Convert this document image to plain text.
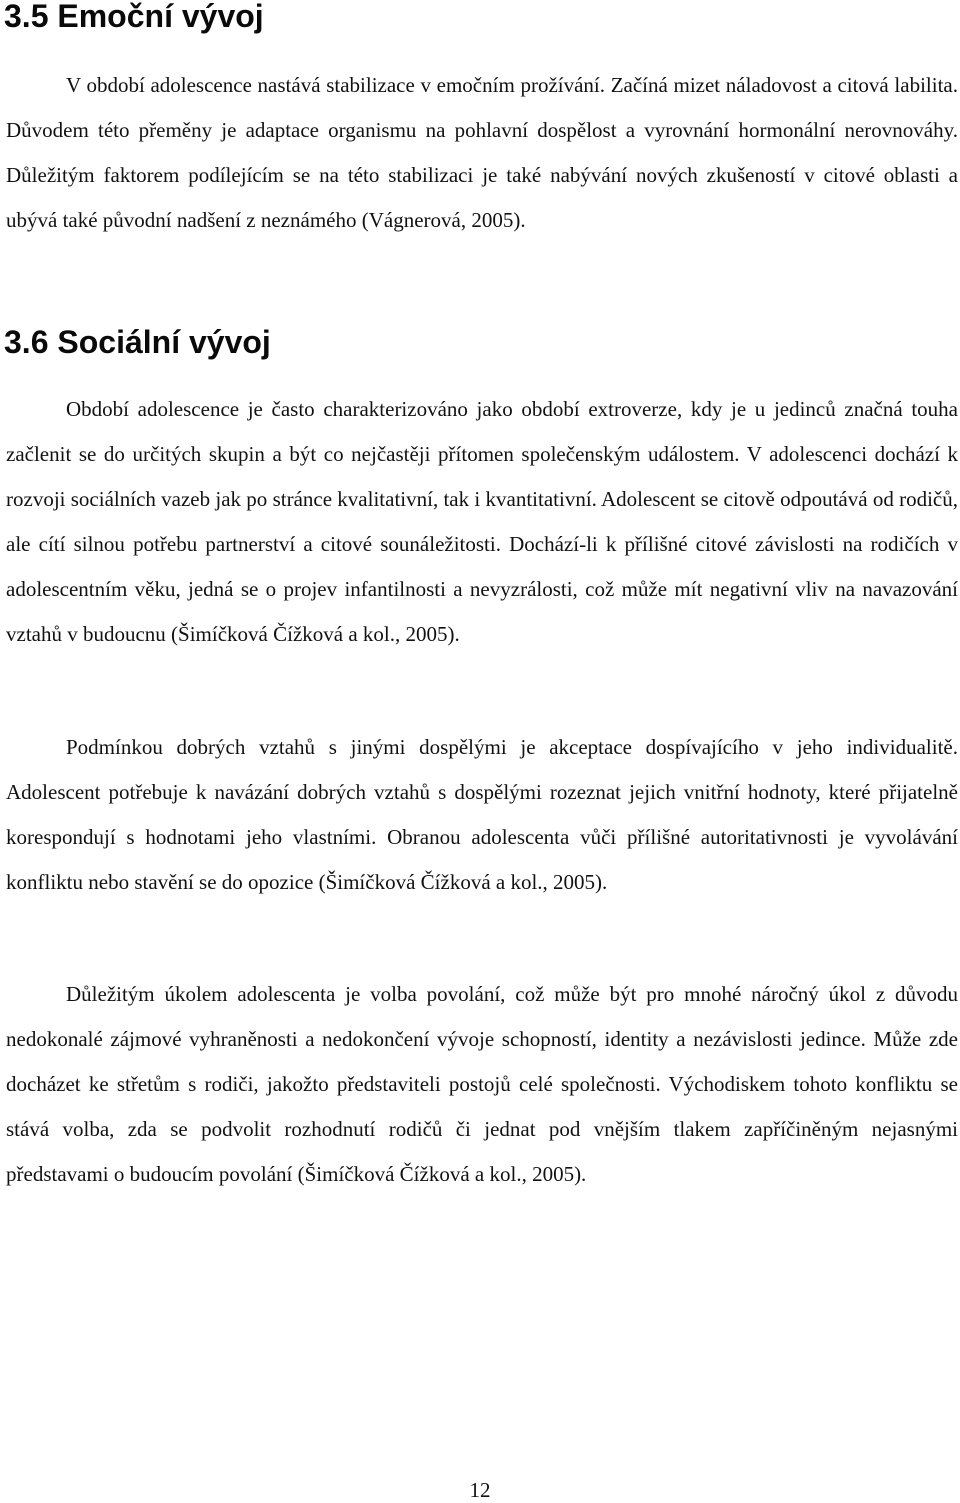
3.5 Emoční vývoj

V období adolescence nastává stabilizace v emočním prožívání. Začíná mizet náladovost a citová labilita. Důvodem této přeměny je adaptace organismu na pohlavní dospělost a vyrovnání hormonální nerovnováhy. Důležitým faktorem podílejícím se na této stabilizaci je také nabývání nových zkušeností v citové oblasti a ubývá také původní nadšení z neznámého (Vágnerová, 2005).

3.6 Sociální vývoj

Období adolescence je často charakterizováno jako období extroverze, kdy je u jedinců značná touha začlenit se do určitých skupin a být co nejčastěji přítomen společenským událostem. V adolescenci dochází k rozvoji sociálních vazeb jak po stránce kvalitativní, tak i kvantitativní. Adolescent se citově odpoutává od rodičů, ale cítí silnou potřebu partnerství a citové sounáležitosti. Dochází-li k přílišné citové závislosti na rodičích v adolescentním věku, jedná se o projev infantilnosti a nevyzrálosti, což může mít negativní vliv na navazování vztahů v budoucnu (Šimíčková Čížková a kol., 2005).

Podmínkou dobrých vztahů s jinými dospělými je akceptace dospívajícího v jeho individualitě. Adolescent potřebuje k navázání dobrých vztahů s dospělými rozeznat jejich vnitřní hodnoty, které přijatelně korespondují s hodnotami jeho vlastními. Obranou adolescenta vůči přílišné autoritativnosti je vyvolávání konfliktu nebo stavění se do opozice (Šimíčková Čížková a kol., 2005).

Důležitým úkolem adolescenta je volba povolání, což může být pro mnohé náročný úkol z důvodu nedokonalé zájmové vyhraněnosti a nedokončení vývoje schopností, identity a nezávislosti jedince. Může zde docházet ke střetům s rodiči, jakožto představiteli postojů celé společnosti. Východiskem tohoto konfliktu se stává volba, zda se podvolit rozhodnutí rodičů či jednat pod vnějším tlakem zapříčiněným nejasnými představami o budoucím povolání (Šimíčková Čížková a kol., 2005).

12
